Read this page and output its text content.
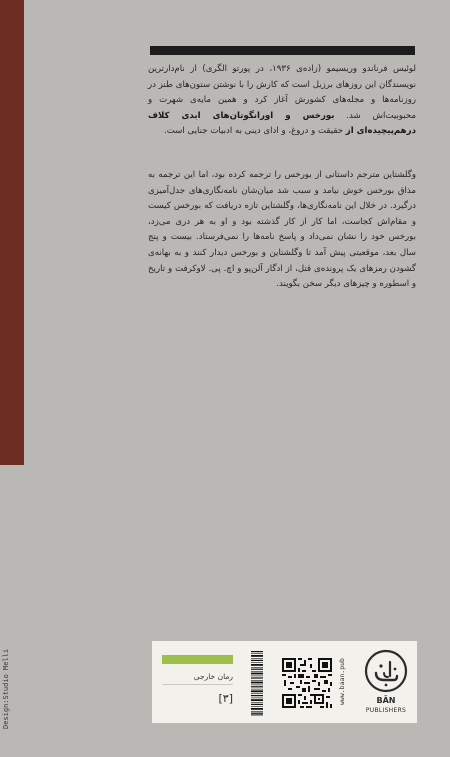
لوئیس فرناندو وریسیمو (زاده‌ی ۱۹۳۶، در پورتو الگری) از نام‌دارترین نویسندگان این روزهای برزیل است که کارش را با نوشتن ستون‌های طنز در روزنامه‌ها و مجله‌های کشورش آغاز کرد و همین مایه‌ی شهرت و محبوبیت‌اش شد. بورخس و اورانگوتان‌های ابدی کلاف درهم‌پیچیده‌ای از حقیقت و دروغ، و ادای دینی به ادبیات جنایی است.

وگلشتاین مترجم داستانی از بورخس را ترجمه کرده بود، اما این ترجمه به مذاق بورخس خوش نیامد و سبب شد میان‌شان نامه‌نگاری‌های جدل‌آمیزی درگیرد. در خلال این نامه‌نگاری‌ها، وگلشتاین تازه دریافت که بورخس کیست و مقام‌اش کجاست، اما کار از کار گذشته بود و او به هر دری می‌زد، بورخس خود را نشان نمی‌داد و پاسخ نامه‌ها را نمی‌فرستاد. بیست و پنج سال بعد، موقعیتی پیش آمد تا وگلشتاین و بورخس دیدار کنند و به بهانه‌ی گشودن رمزهای یک پرونده‌ی قتل، از ادگار آلن‌پو و اچ. پی. لاوکرفت و تاریخ و اسطوره و چیزهای دیگر سخن بگویند.

Design:Studio Melli	رمان خارجی
[۳]	www.baan.pub	BĀN
PUBLISHERS
